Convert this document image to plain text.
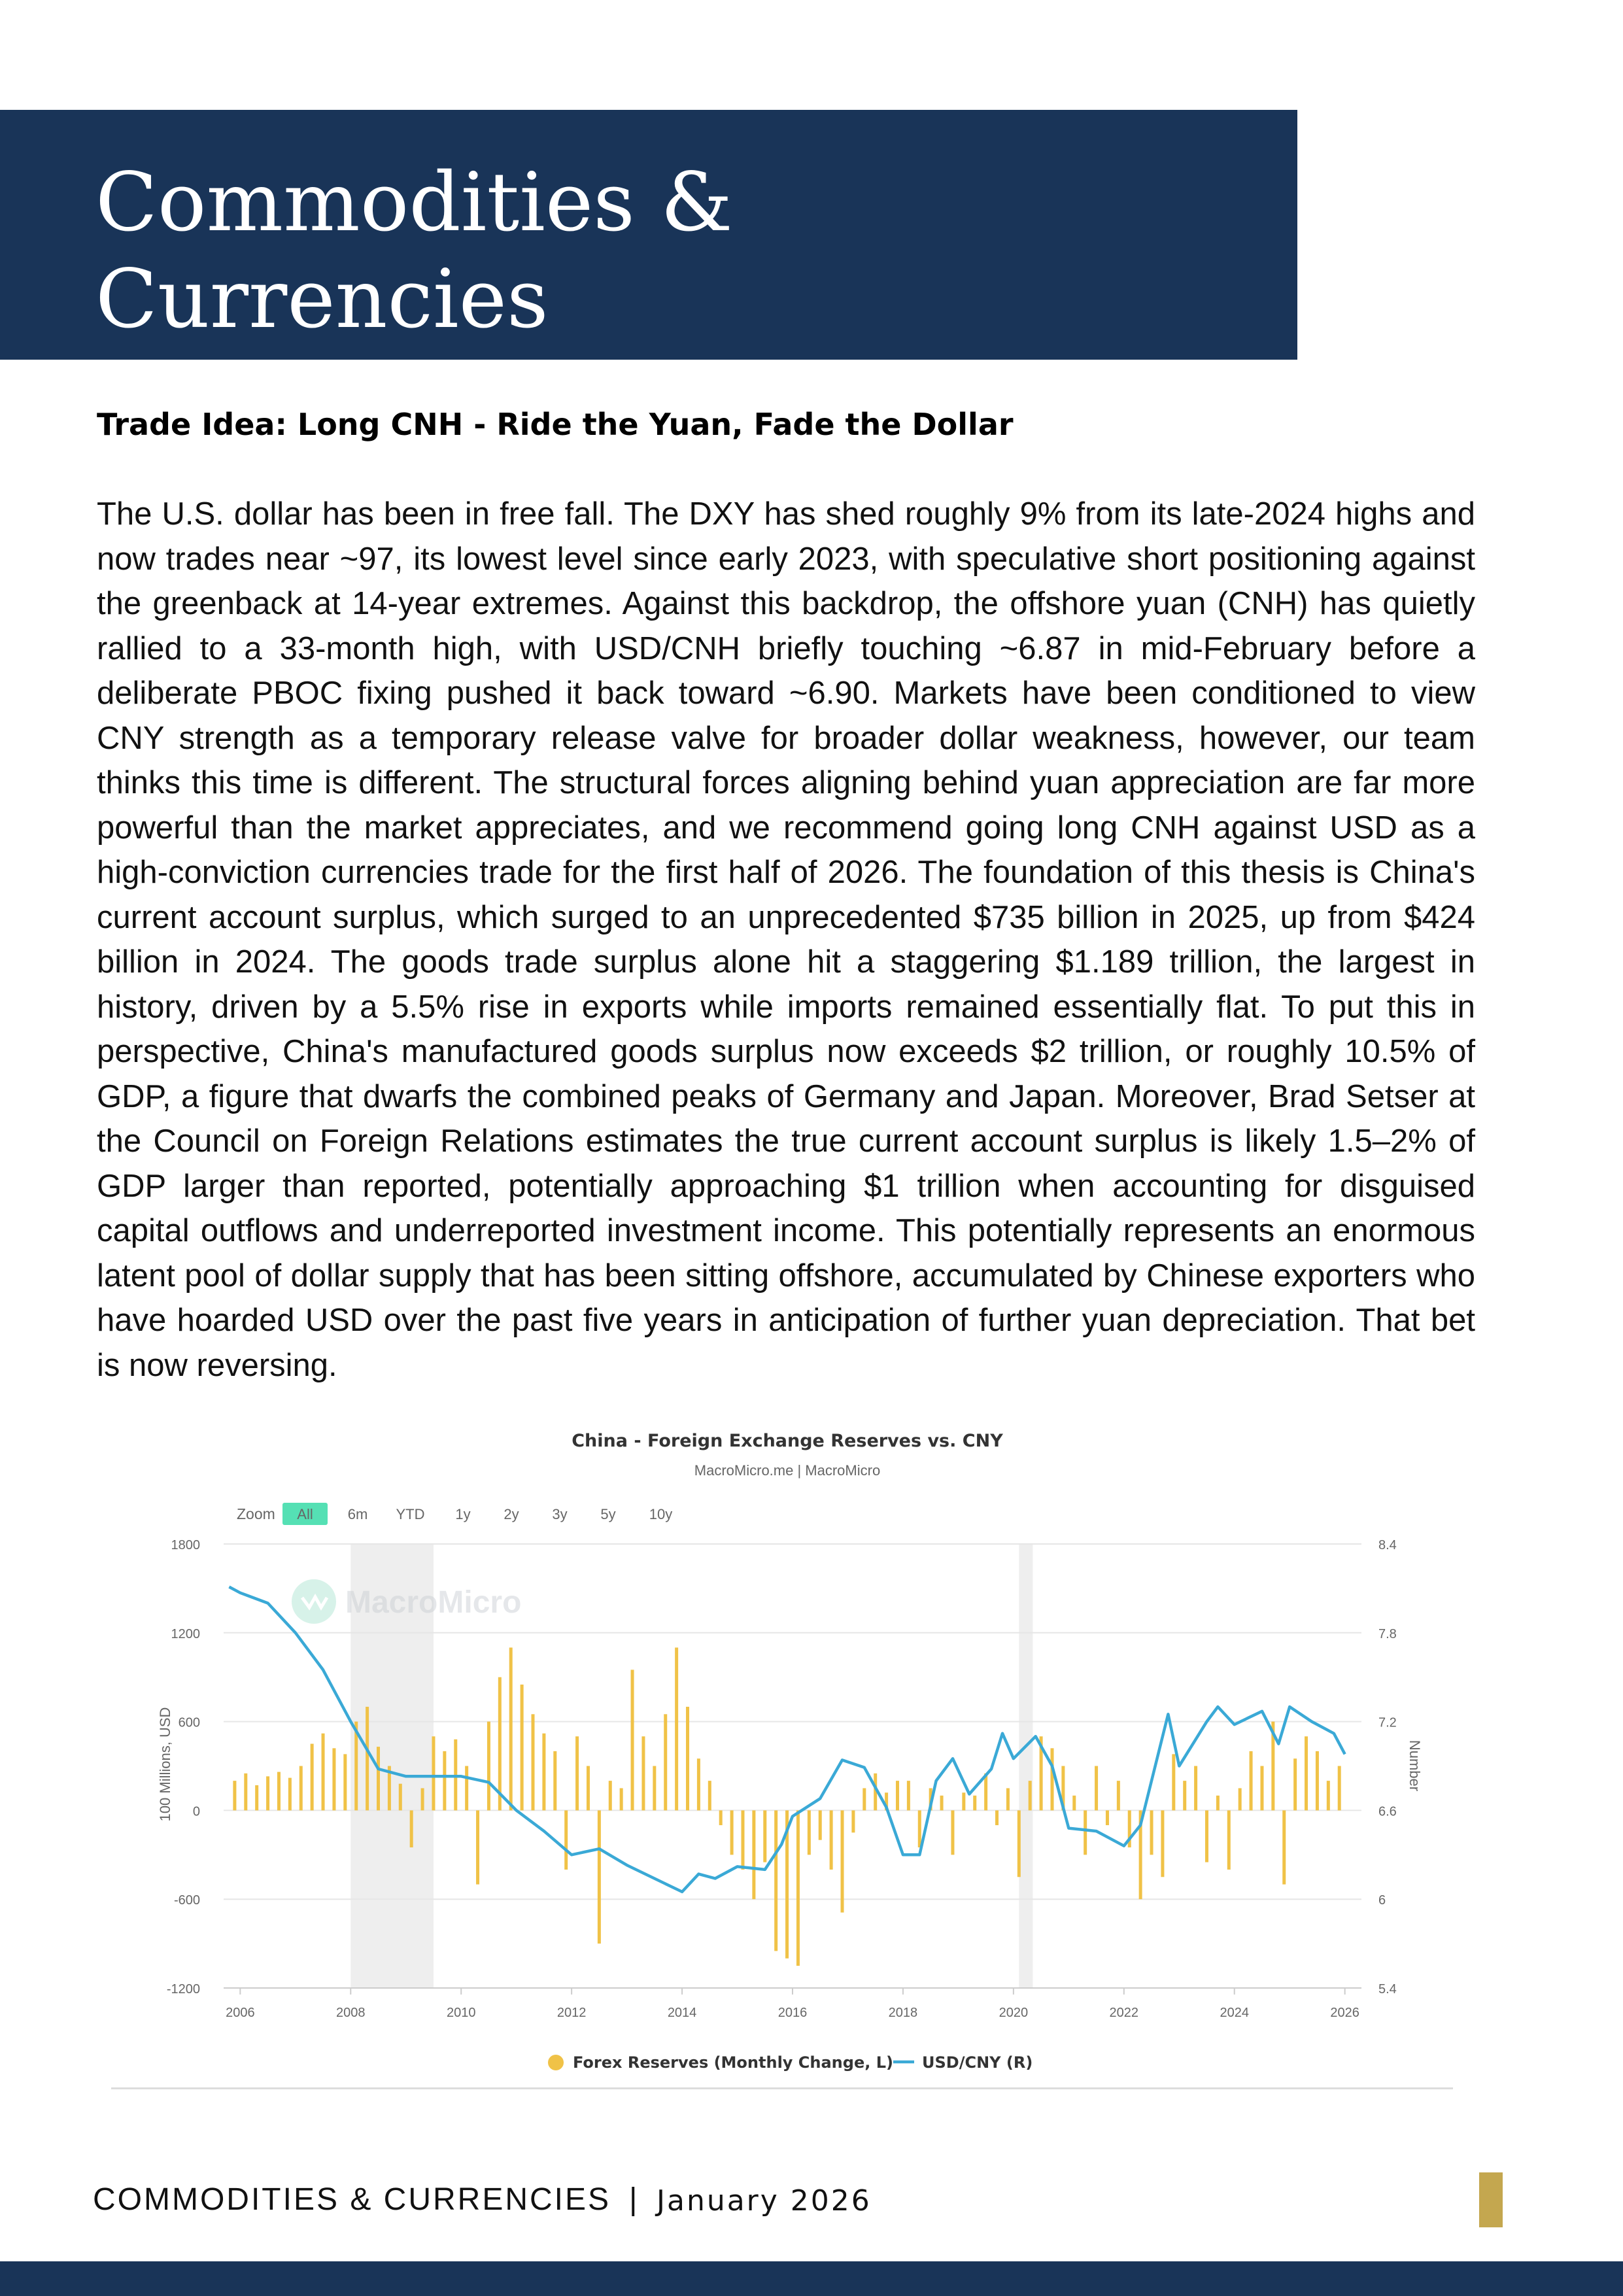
Commodities &
Currencies
Trade Idea: Long CNH - Ride the Yuan, Fade the Dollar

The U.S. dollar has been in free fall. The DXY has shed roughly 9% from its late-2024 highs and now trades near ~97, its lowest level since early 2023, with speculative short positioning against the greenback at 14-year extremes. Against this backdrop, the offshore yuan (CNH) has quietly rallied to a 33-month high, with USD/CNH briefly touching ~6.87 in mid-February before a deliberate PBOC fixing pushed it back toward ~6.90. Markets have been conditioned to view CNY strength as a temporary release valve for broader dollar weakness, however, our team thinks this time is different. The structural forces aligning behind yuan appreciation are far more powerful than the market appreciates, and we recommend going long CNH against USD as a high-conviction currencies trade for the first half of 2026. The foundation of this thesis is China's current account surplus, which surged to an unprecedented $735 billion in 2025, up from $424 billion in 2024. The goods trade surplus alone hit a staggering $1.189 trillion, the largest in history, driven by a 5.5% rise in exports while imports remained essentially flat. To put this in perspective, China's manufactured goods surplus now exceeds $2 trillion, or roughly 10.5% of GDP, a figure that dwarfs the combined peaks of Germany and Japan. Moreover, Brad Setser at the Council on Foreign Relations estimates the true current account surplus is likely 1.5–2% of GDP larger than reported, potentially approaching $1 trillion when accounting for disguised capital outflows and underreported investment income. This potentially represents an enormous latent pool of dollar supply that has been sitting offshore, accumulated by Chinese exporters who have hoarded USD over the past five years in anticipation of further yuan depreciation. That bet is now reversing.

MacroMicro
China - Foreign Exchange Reserves vs. CNY
MacroMicro.me | MacroMicro
Zoom All 6m YTD 1y 2y 3y 5y 10y
1800
1200
600
0
-600
-1200
8.4
7.8
7.2
6.6
6
5.4
2006	2008	2010	2012	2014	2016	2018	2020	2022	2024	2026
100 Millions, USD	Number
Forex Reserves (Monthly Change, L) USD/CNY (R)
COMMODITIES & CURRENCIES | January 2026
